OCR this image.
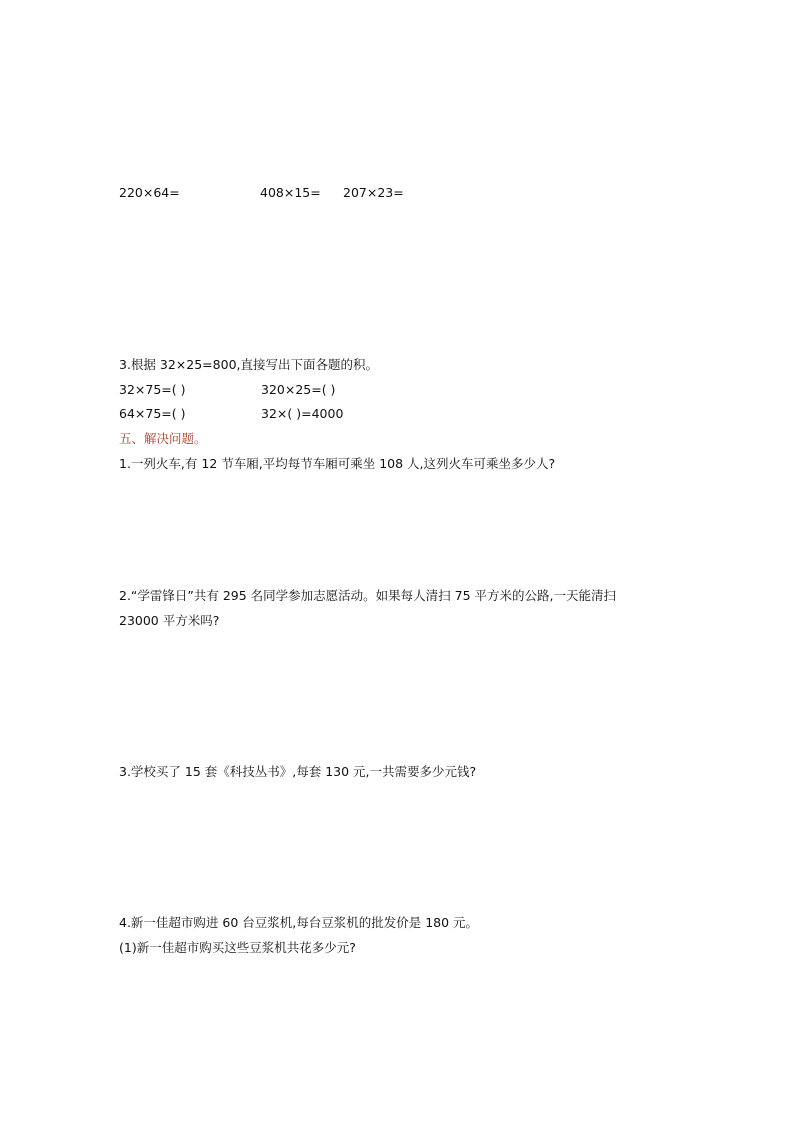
220×64=	408×15= 207×23=
3.根据 32×25=800,直接写出下面各题的积。
32×75=( )	320×25=( )
64×75=( )	32×( )=4000
五、解决问题。
1.一列火车,有 12 节车厢,平均每节车厢可乘坐 108 人,这列火车可乘坐多少人?
2.“学雷锋日”共有 295 名同学参加志愿活动。如果每人清扫 75 平方米的公路,一天能清扫
23000 平方米吗?
3.学校买了 15 套《科技丛书》,每套 130 元,一共需要多少元钱?
4.新一佳超市购进 60 台豆浆机,每台豆浆机的批发价是 180 元。
(1)新一佳超市购买这些豆浆机共花多少元?
